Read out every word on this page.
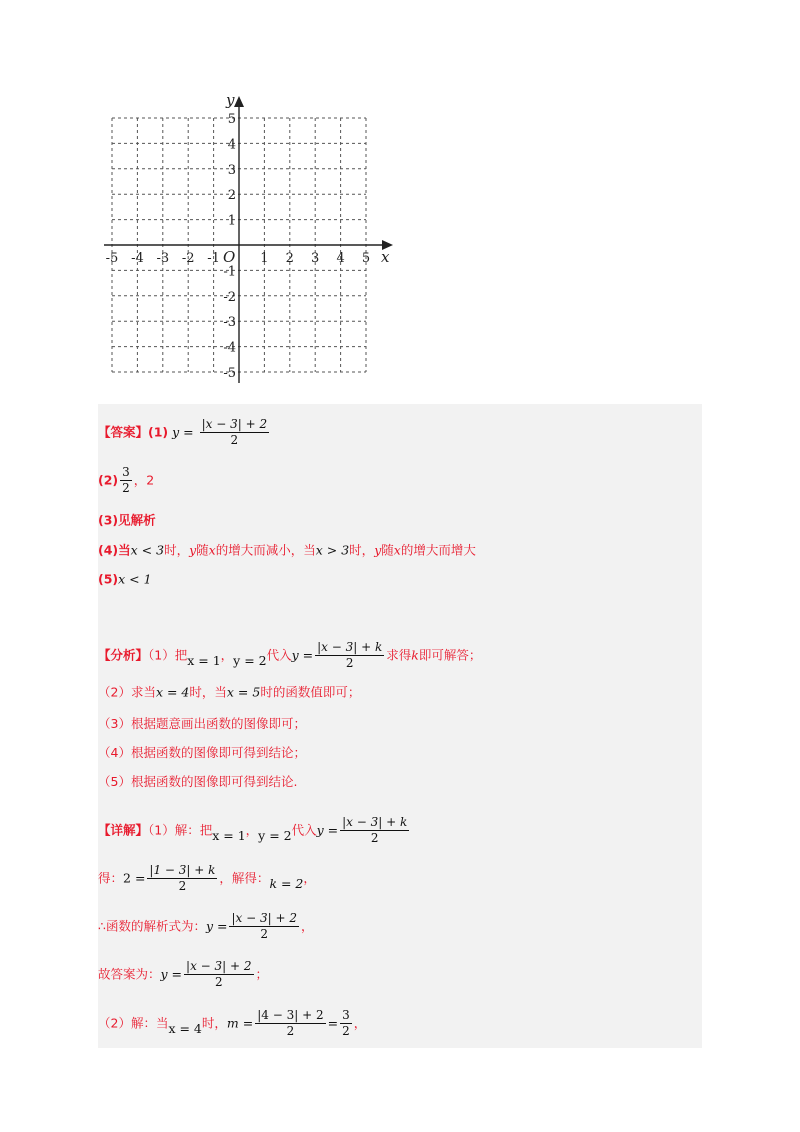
y
x
O
-5 -4 -3 -2 -1	1 2 3 4 5
5
4
3
2
1
-1
-2
-3
-4
-5
【答案】(1) $y = \frac{|x - 3| + 2}{2}$
$(2) \frac{3}{2}$ ，2
(3)见解析
(4)当x < 3时，y随x的增大而减小，当x > 3时，y随x的增大而增大
(5)x < 1
【分析】（1）把x = 1，y = 2代入$y = \frac{|x - 3| + k}{2}$ 求得k即可解答；
（2）求当x = 4时，当x = 5时的函数值即可；
（3）根据题意画出函数的图像即可；
（4）根据函数的图像即可得到结论；
（5）根据函数的图像即可得到结论.
【详解】（1）解：把x = 1，y = 2代入$y = \frac{|x - 3| + k}{2}$
得：$2 = \frac{|1 - 3| + k}{2}$ ，解得：k = 2，
∴函数的解析式为：$y = \frac{|x - 3| + 2}{2}$ ，
故答案为：$y = \frac{|x - 3| + 2}{2}$ ；
（2）解：当x = 4时，$m = \frac{|4 - 3| + 2}{2} = \frac{3}{2}$ ，
